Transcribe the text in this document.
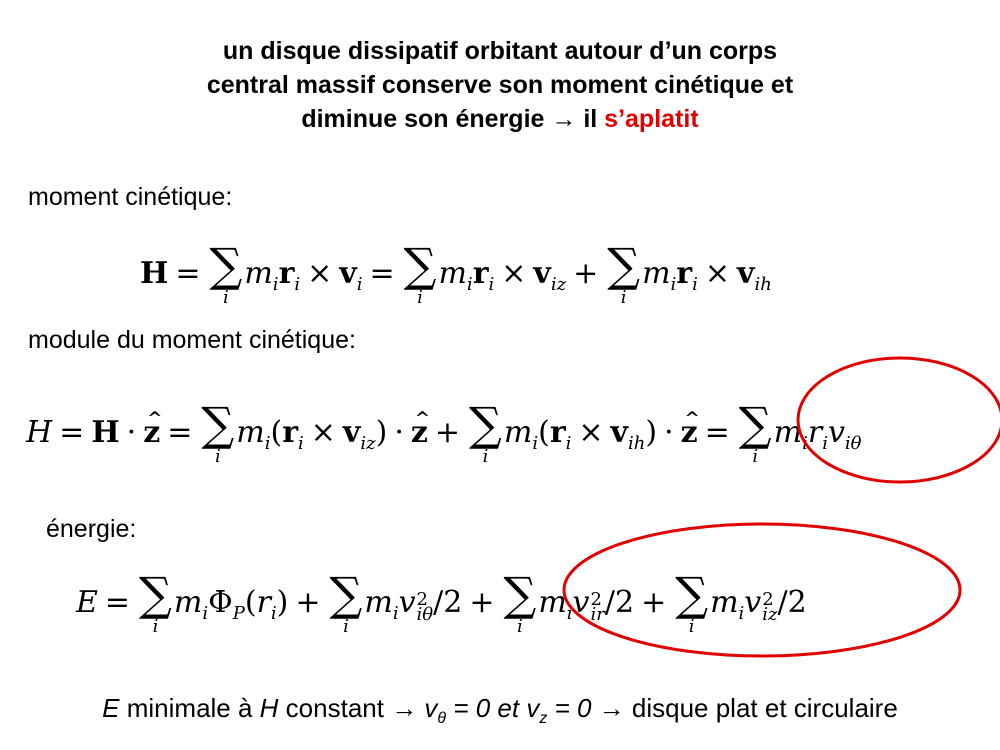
un disque dissipatif orbitant autour d’un corps
central massif conserve son moment cinétique et
diminue son énergie → il s’aplatit
moment cinétique:
H = ∑
i
$m_ir_i \times v_i$ = ∑
i
$m_ir_i \times v_{iz}$ + ∑
i
$m_ir_i \times v_{ih}$
module du moment cinétique:
H = H · ^ z = ∑
i
$m_i(r_i \times v_{iz})$ · ^ z + ∑
i
$m_i(r_i \times v_{ih})$ · ^ z = ∑
i
$m_ir_iv_{i\theta}$
énergie:
E = ∑
i
$m_i\Phi_P(r_i)$ + ∑
i
$m_iv$ 2
iθ /2 + ∑
i
$m_iv$ 2
ir /2 + ∑
i
$m_iv$ 2
iz /2
E minimale à H constant → $v_\theta = 0$ et $v_z = 0$ → disque plat et circulaire
